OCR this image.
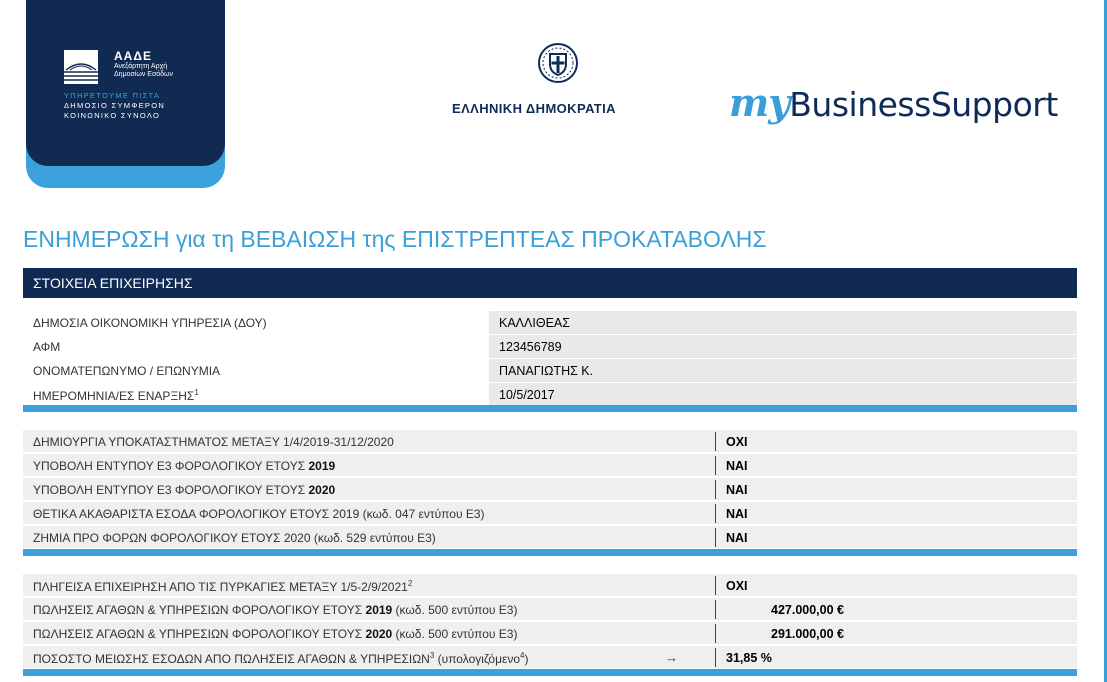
ΑΑΔΕ
Ανεξάρτητη Αρχή
Δημοσίων Εσόδων
ΥΠΗΡΕΤΟΥΜΕ ΠΙΣΤΑ
ΔΗΜΟΣΙΟ ΣΥΜΦΕΡΟΝ
ΚΟΙΝΩΝΙΚΟ ΣΥΝΟΛΟ	ΕΛΛΗΝΙΚΗ ΔΗΜΟΚΡΑΤΙΑ	myBusinessSupport
ΕΝΗΜΕΡΩΣΗ για τη ΒΕΒΑΙΩΣΗ της ΕΠΙΣΤΡΕΠΤΕΑΣ ΠΡΟΚΑΤΑΒΟΛΗΣ
ΣΤΟΙΧΕΙΑ ΕΠΙΧΕΙΡΗΣΗΣ
ΔΗΜΟΣΙΑ ΟΙΚΟΝΟΜΙΚΗ ΥΠΗΡΕΣΙΑ (ΔΟΥ)	ΚΑΛΛΙΘΕΑΣ
ΑΦΜ	123456789
ΟΝΟΜΑΤΕΠΩΝΥΜΟ / ΕΠΩΝΥΜΙΑ	ΠΑΝΑΓΙΩΤΗΣ Κ.
ΗΜΕΡΟΜΗΝΙΑ/ΕΣ ΕΝΑΡΞΗΣ$^1$	10/5/2017
ΔΗΜΙΟΥΡΓΙΑ ΥΠΟΚΑΤΑΣΤΗΜΑΤΟΣ ΜΕΤΑΞΥ 1/4/2019-31/12/2020	ΟΧΙ
ΥΠΟΒΟΛΗ ΕΝΤΥΠΟΥ Ε3 ΦΟΡΟΛΟΓΙΚΟΥ ΕΤΟΥΣ 2019	ΝΑΙ
ΥΠΟΒΟΛΗ ΕΝΤΥΠΟΥ Ε3 ΦΟΡΟΛΟΓΙΚΟΥ ΕΤΟΥΣ 2020	ΝΑΙ
ΘΕΤΙΚΑ ΑΚΑΘΑΡΙΣΤΑ ΕΣΟΔΑ ΦΟΡΟΛΟΓΙΚΟΥ ΕΤΟΥΣ 2019 (κωδ. 047 εντύπου Ε3)	ΝΑΙ
ΖΗΜΙΑ ΠΡΟ ΦΟΡΩΝ ΦΟΡΟΛΟΓΙΚΟΥ ΕΤΟΥΣ 2020 (κωδ. 529 εντύπου Ε3)	ΝΑΙ
ΠΛΗΓΕΙΣΑ ΕΠΙΧΕΙΡΗΣΗ ΑΠΟ ΤΙΣ ΠΥΡΚΑΓΙΕΣ ΜΕΤΑΞΥ 1/5-2/9/2021$^2$	ΟΧΙ
ΠΩΛΗΣΕΙΣ ΑΓΑΘΩΝ & ΥΠΗΡΕΣΙΩΝ ΦΟΡΟΛΟΓΙΚΟΥ ΕΤΟΥΣ 2019 (κωδ. 500 εντύπου Ε3)	427.000,00 €
ΠΩΛΗΣΕΙΣ ΑΓΑΘΩΝ & ΥΠΗΡΕΣΙΩΝ ΦΟΡΟΛΟΓΙΚΟΥ ΕΤΟΥΣ 2020 (κωδ. 500 εντύπου Ε3)	291.000,00 €
ΠΟΣΟΣΤΟ ΜΕΙΩΣΗΣ ΕΣΟΔΩΝ ΑΠΟ ΠΩΛΗΣΕΙΣ ΑΓΑΘΩΝ & ΥΠΗΡΕΣΙΩΝ$^3$ (υπολογιζόμενο$^4$)	→	31,85 %
